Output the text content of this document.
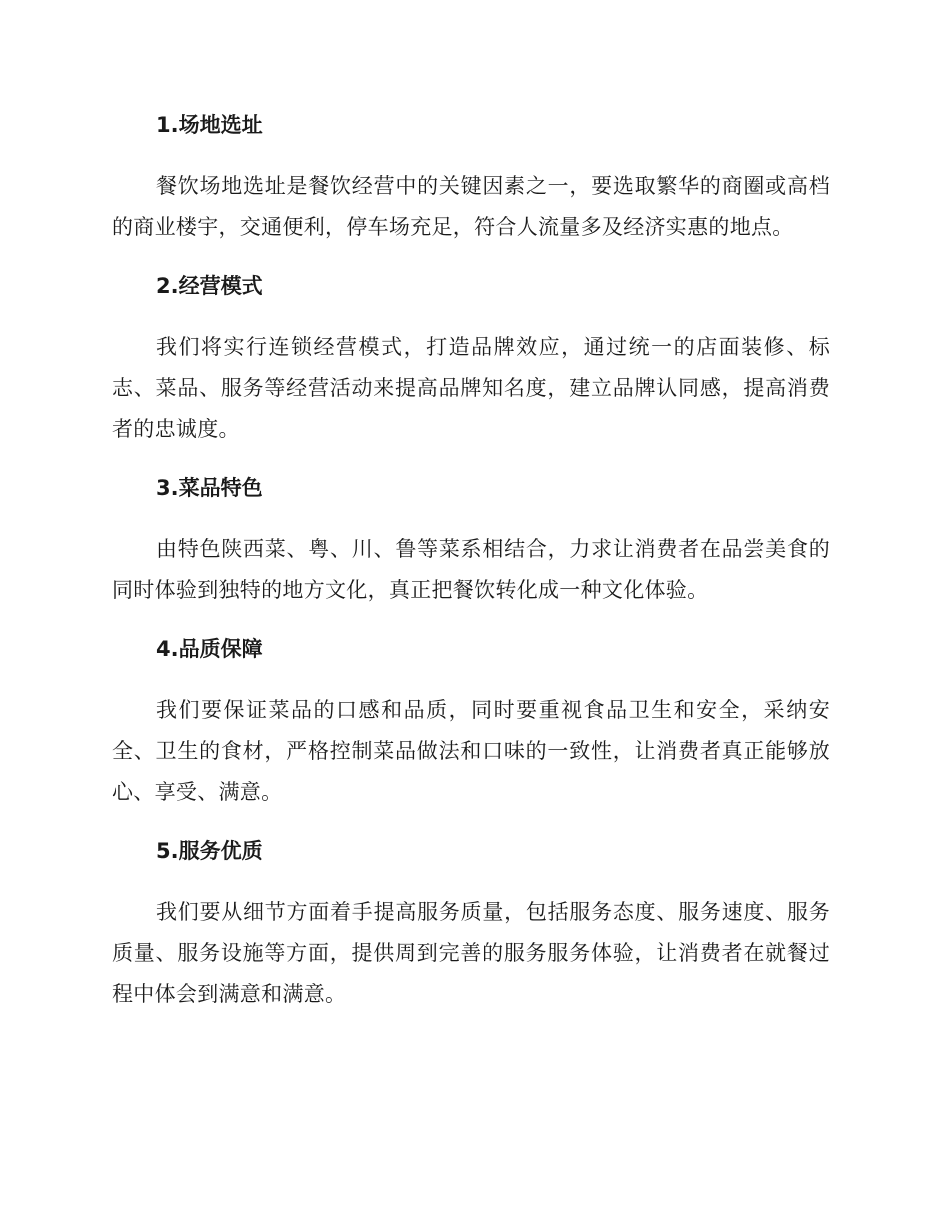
1.场地选址

餐饮场地选址是餐饮经营中的关键因素之一，要选取繁华的商圈或高档的商业楼宇，交通便利，停车场充足，符合人流量多及经济实惠的地点。

2.经营模式

我们将实行连锁经营模式，打造品牌效应，通过统一的店面装修、标志、菜品、服务等经营活动来提高品牌知名度，建立品牌认同感，提高消费者的忠诚度。

3.菜品特色

由特色陕西菜、粤、川、鲁等菜系相结合，力求让消费者在品尝美食的同时体验到独特的地方文化，真正把餐饮转化成一种文化体验。

4.品质保障

我们要保证菜品的口感和品质，同时要重视食品卫生和安全，采纳安全、卫生的食材，严格控制菜品做法和口味的一致性，让消费者真正能够放心、享受、满意。

5.服务优质

我们要从细节方面着手提高服务质量，包括服务态度、服务速度、服务质量、服务设施等方面，提供周到完善的服务服务体验，让消费者在就餐过程中体会到满意和满意。
